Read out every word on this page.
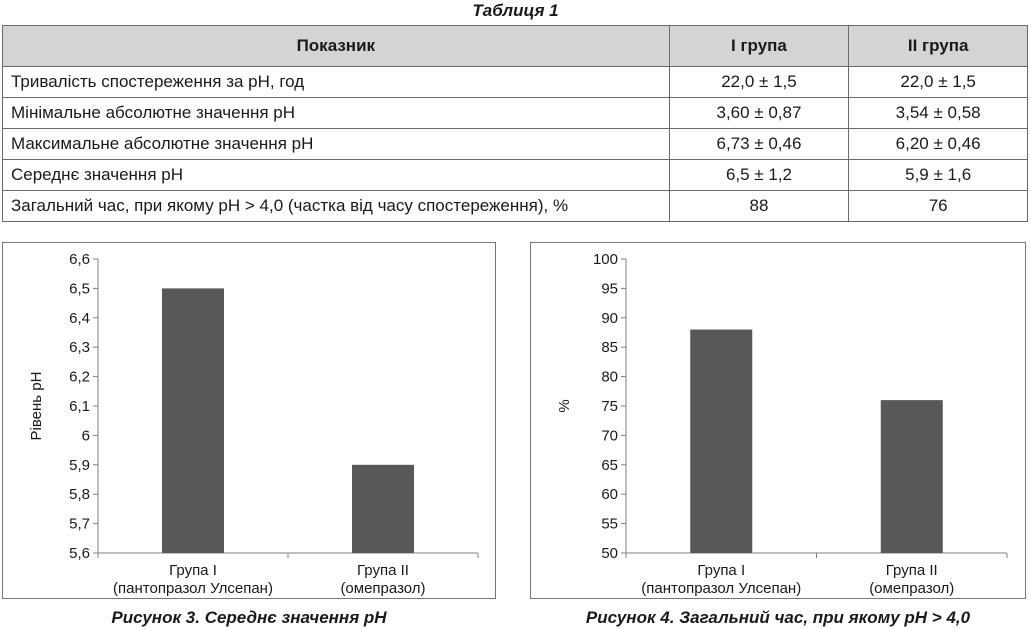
Таблиця 1
Показник	I група	II група
Тривалість спостереження за pH, год	22,0 ± 1,5	22,0 ± 1,5
Мінімальне абсолютне значення pH	3,60 ± 0,87	3,54 ± 0,58
Максимальне абсолютне значення pH	6,73 ± 0,46	6,20 ± 0,46
Середнє значення pH	6,5 ± 1,2	5,9 ± 1,6
Загальний час, при якому pH > 4,0 (частка від часу спостереження), %	88	76
5,6
5,7
5,8
5,9
6
6,1
6,2
6,3
6,4
6,5
6,6
Рівень pH
Група I
(пантопразол Улсепан)
Група II
(омепразол)
50
55
60
65
70
75
80
85
90
95
100
%
Група I
(пантопразол Улсепан)
Група II
(омепразол)
Рисунок 3. Середнє значення pH	Рисунок 4. Загальний час, при якому pH > 4,0
